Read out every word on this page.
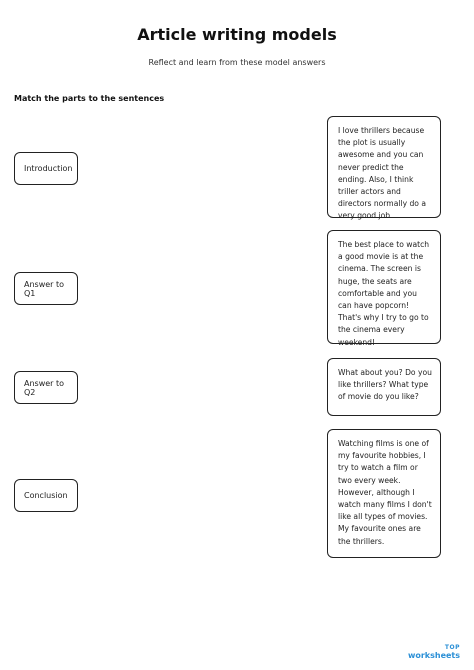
Article writing models
Reflect and learn from these model answers
Match the parts to the sentences
Introduction
Answer to Q1
Answer to Q2
Conclusion
I love thrillers because the plot is usually awesome and you can never predict the ending. Also, I think triller actors and directors normally do a very good job.
The best place to watch a good movie is at the cinema. The screen is huge, the seats are comfortable and you can have popcorn! That's why I try to go to the cinema every weekend!
What about you? Do you like thrillers? What type of movie do you like?
Watching films is one of my favourite hobbies, I try to watch a film or two every week. However, although I watch many films I don't like all types of movies. My favourite ones are the thrillers.
TOP
worksheets
